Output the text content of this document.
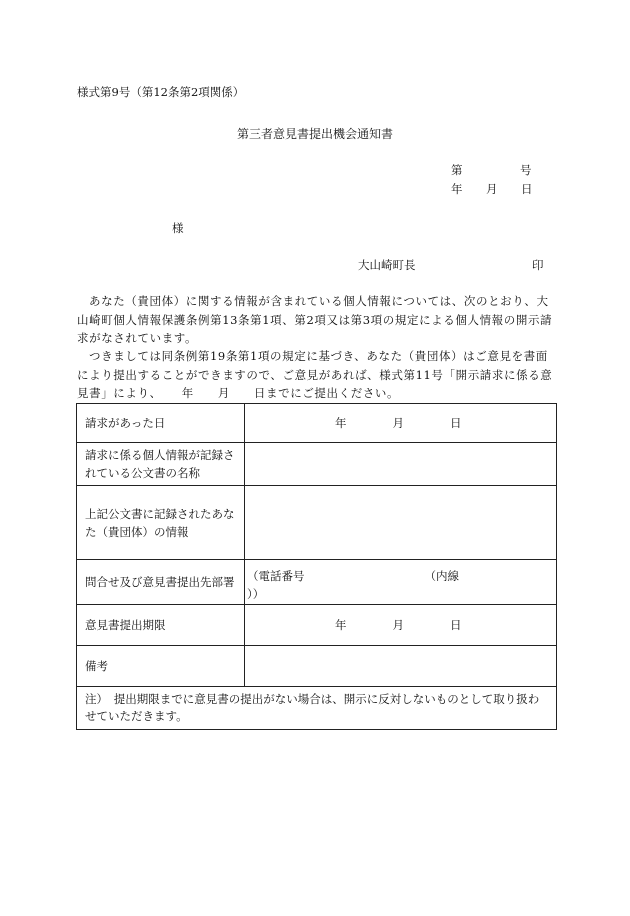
様式第9号（第12条第2項関係）
第三者意見書提出機会通知書
第	号
年 月 日
様
大山崎町長	印
あなた（貴団体）に関する情報が含まれている個人情報については、次のとおり、大山崎町個人情報保護条例第13条第1項、第2項又は第3項の規定による個人情報の開示請求がなされています。
つきましては同条例第19条第1項の規定に基づき、あなた（貴団体）はご意見を書面により提出することができますので、ご意見があれば、様式第11号「開示請求に係る意見書」により、 年 月 日までにご提出ください。
請求があった日	年 月 日
請求に係る個人情報が記録されている公文書の名称	
上記公文書に記録されたあなた（貴団体）の情報	
問合せ及び意見書提出先部署	（電話番号 （内線））
意見書提出期限	年 月 日
備考	
注）　提出期限までに意見書の提出がない場合は、開示に反対しないものとして取り扱わせていただきます。	
